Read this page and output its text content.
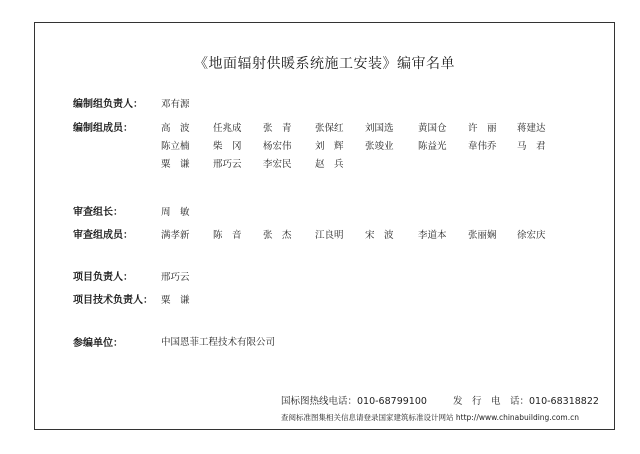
《地面辐射供暖系统施工安装》编审名单
编制组负责人： 邓有源
编制组成员：	高　波 任兆成 张　青 张保红 刘国选	黄国仓 许　丽 蒋建达
陈立楠 柴　冈 杨宏伟 刘　辉 张竣业	陈益光 韋伟乔 马　君
粟　谦 邢巧云 李宏民 赵　兵
审查组长：	周　敏
审查组成员：	满孝新 陈　音 张　杰 江良明 宋　波	李道本 张丽娴 徐宏庆
项目负责人：	邢巧云
项目技术负责人： 粟　谦
参编单位：	中国恩菲工程技术有限公司
国标图热线电话：010-68799100	发　行　电　话：010-68318822
查阅标准图集相关信息请登录国家建筑标准设计网站 http://www.chinabuilding.com.cn
